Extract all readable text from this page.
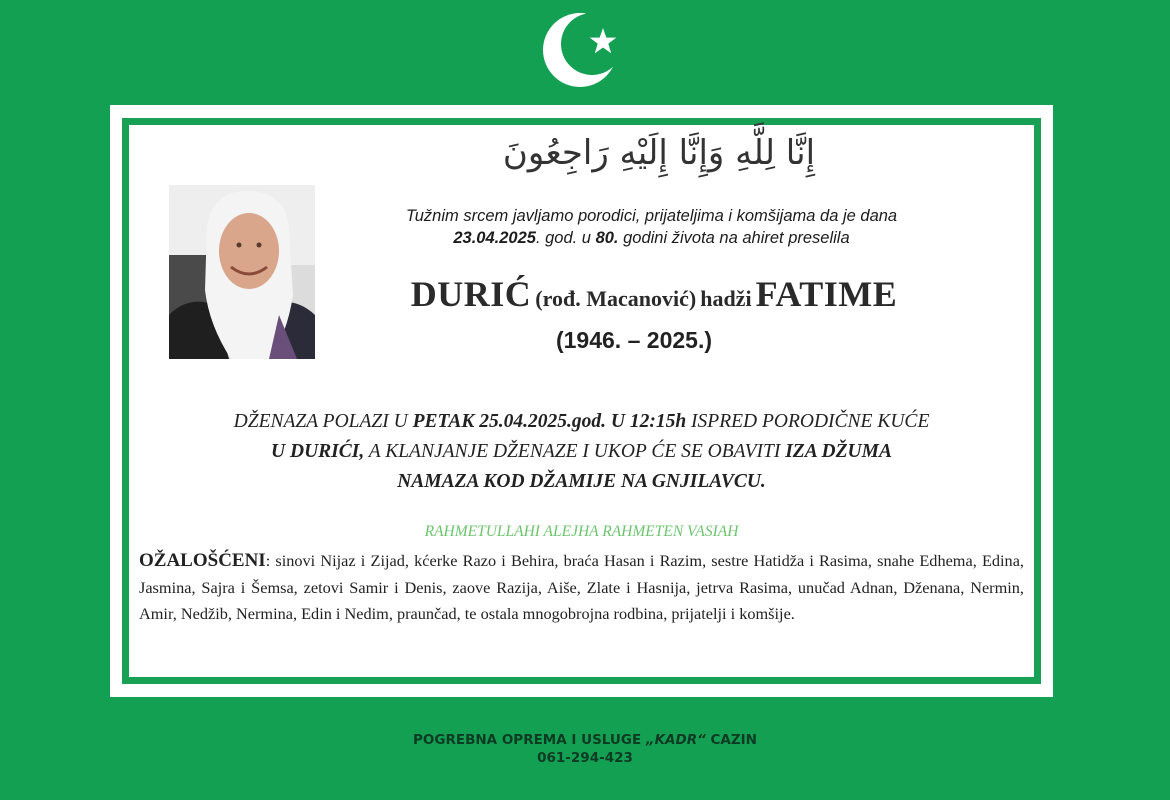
إِنَّا لِلَّهِ وَإِنَّا إِلَيْهِ رَاجِعُونَ
Tužnim srcem javljamo porodici, prijateljima i komšijama da je dana
23.04.2025. god. u 80. godini života na ahiret preselila
DURIĆ (rođ. Macanović) hadži FATIME
(1946. – 2025.)
DŽENAZA POLAZI U PETAK 25.04.2025.god. U 12:15h ISPRED PORODIČNE KUĆE
U DURIĆI, A KLANJANJE DŽENAZE I UKOP ĆE SE OBAVITI IZA DŽUMA
NAMAZA KOD DŽAMIJE NA GNJILAVCU.
RAHMETULLAHI ALEJHA RAHMETEN VASIAH
OŽALOŠĆENI: sinovi Nijaz i Zijad, kćerke Razo i Behira, braća Hasan i Razim, sestre Hatidža i Rasima, snahe Edhema, Edina, Jasmina, Sajra i Šemsa, zetovi Samir i Denis, zaove Razija, Aiše, Zlate i Hasnija, jetrva Rasima, unučad Adnan, Dženana, Nermin, Amir, Nedžib, Nermina, Edin i Nedim, praunčad, te ostala mnogobrojna rodbina, prijatelji i komšije.
POGREBNA OPREMA I USLUGE „KADR“ CAZIN
061-294-423
